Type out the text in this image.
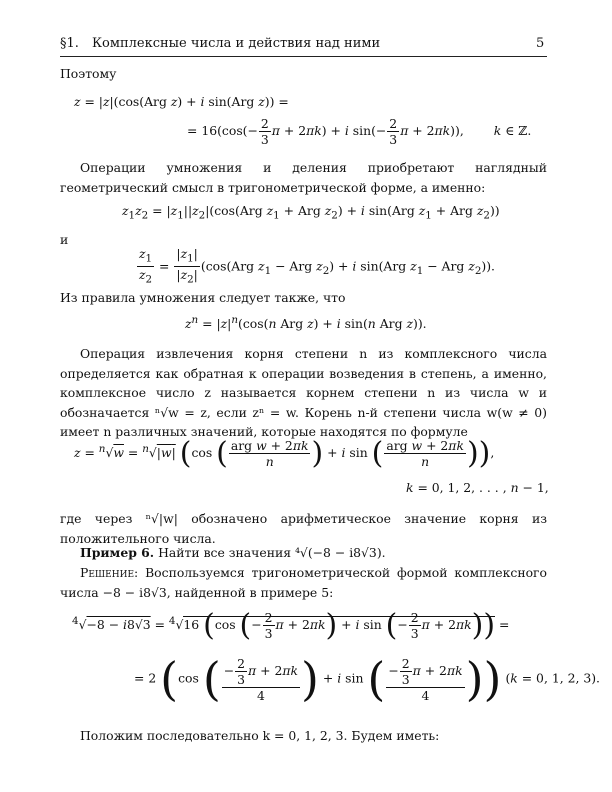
§1. Комплексные числа и действия над ними	5
Поэтому
z = |z|(cos(Arg z) + i sin(Arg z)) =
= $16(\cos(- \frac{2}{3}$ π + 2πk) + i $\sin(- \frac{2}{3}$ π + 2πk)), k ∈ ℤ.
Операции умножения и деления приобретают наглядный геометрический смысл в тригонометрической форме, а именно:
$z_1z_2 = |z_1||z_2|(\cos(Arg$ $z_1$ + Arg $z_2) + i$ sin(Arg $z_1$ + Arg $z_2$))
и
$\frac{z_1}{z_2} = \frac{|z_1|}{|z_2|} (\cos(Arg$ $z_1$ − Arg $z_2) + i$ sin(Arg $z_1$ − Arg $z_2$)).
Из правила умножения следует также, что
$z^n = |z|^n(\cos(n$ Arg z) + i sin(n Arg z)).
Операция извлечения корня степени n из комплексного числа определяется как обратная к операции возведения в степень, а именно, комплексное число z называется корнем степени n из числа w и обозначается ⁿ√w = z, если zⁿ = w. Корень n-й степени числа w(w ≠ 0) имеет n различных значений, которые находятся по формуле
z = $^n$√w = $^n$√|w| (cos ( $\frac{\text{arg w + 2πk}}{n}$ ) + i sin ( $\frac{\text{arg w + 2πk}}{n}$ )),
k = 0, 1, 2, . . . , n − 1,
где через ⁿ√|w| обозначено арифметическое значение корня из положительного числа.
Пример 6. Найти все значения ⁴√(−8 − i8√3).
Решение: Воспользуемся тригонометрической формой комплексного числа −8 − i8√3, найденной в примере 5:
$^4$√−8 − i8√3 = $^4$√16 (cos (− $\frac{2}{3}$ π + 2πk) + i sin (− $\frac{2}{3}$ π + 2πk)) =
= 2 (cos ( $\frac{- \frac{2}{3} \pi + 2\pi k}{4}$ ) + i sin ( $\frac{- \frac{2}{3} \pi + 2\pi k}{4}$ )) (k = 0, 1, 2, 3).
Положим последовательно k = 0, 1, 2, 3. Будем иметь:
